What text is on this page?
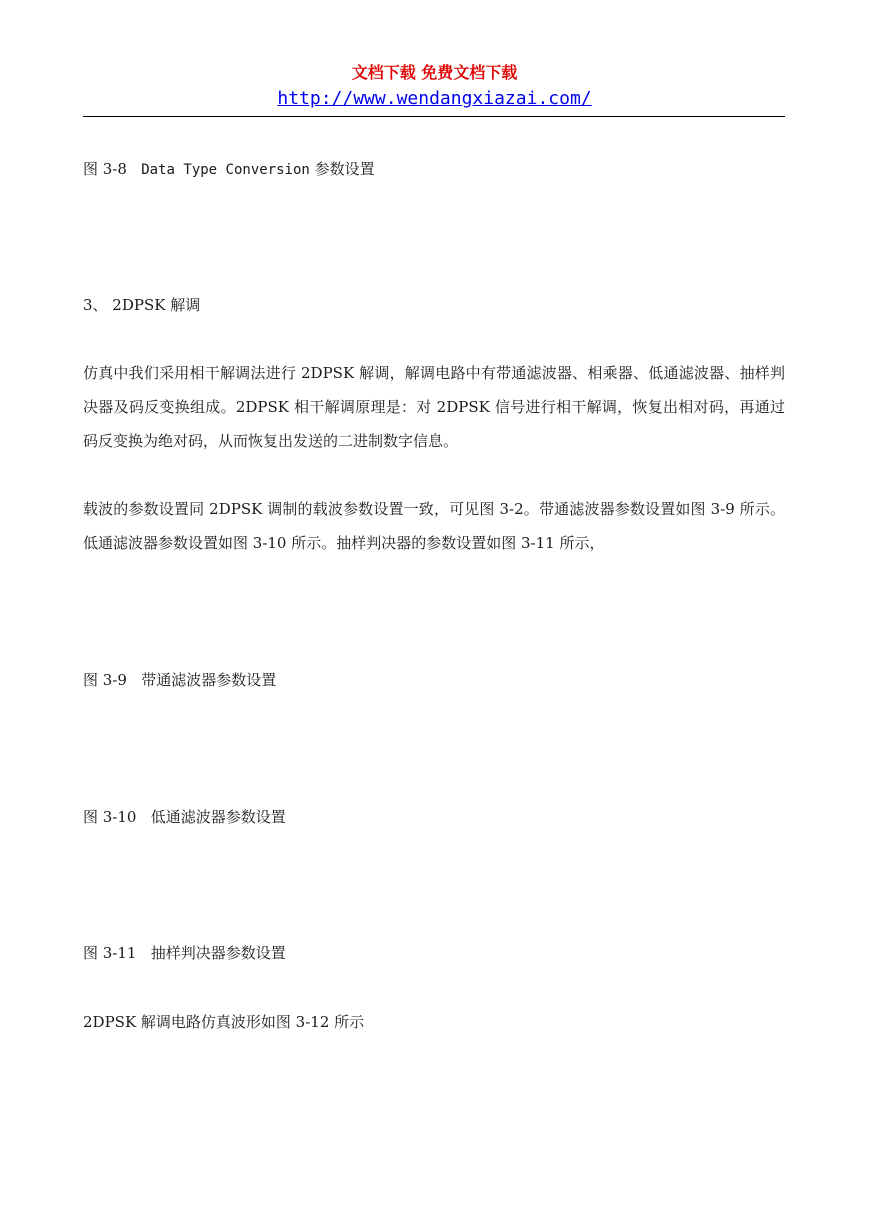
文档下载 免费文档下载
http://www.wendangxiazai.com/

图 3-8 Data Type Conversion 参数设置

3、 2DPSK 解调

仿真中我们采用相干解调法进行 2DPSK 解调，解调电路中有带通滤波器、相乘器、低通滤波器、抽样判决器及码反变换组成。2DPSK 相干解调原理是：对 2DPSK 信号进行相干解调，恢复出相对码，再通过码反变换为绝对码，从而恢复出发送的二进制数字信息。

载波的参数设置同 2DPSK 调制的载波参数设置一致，可见图 3-2。带通滤波器参数设置如图 3-9 所示。低通滤波器参数设置如图 3-10 所示。抽样判决器的参数设置如图 3-11 所示，

图 3-9   带通滤波器参数设置

图 3-10   低通滤波器参数设置

图 3-11   抽样判决器参数设置

2DPSK 解调电路仿真波形如图 3-12 所示
